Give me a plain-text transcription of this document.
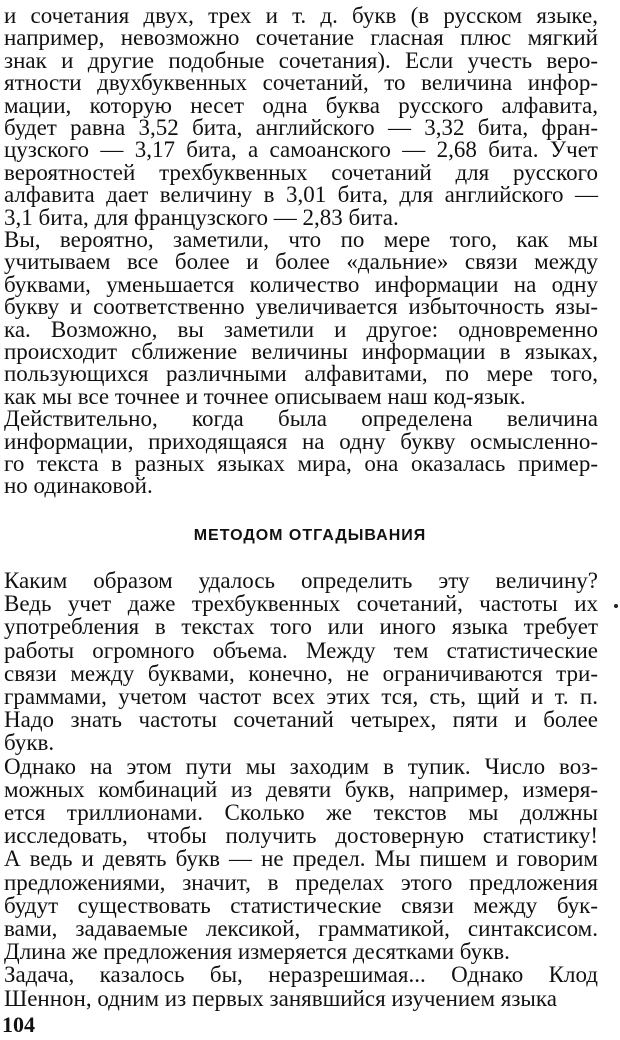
и сочетания двух, трех и т. д. букв (в русском языке,
например, невозможно сочетание гласная плюс мягкий
знак и другие подобные сочетания). Если учесть веро-
ятности двухбуквенных сочетаний, то величина инфор-
мации, которую несет одна буква русского алфавита,
будет равна 3,52 бита, английского — 3,32 бита, фран-
цузского — 3,17 бита, а самоанского — 2,68 бита. Учет
вероятностей трехбуквенных сочетаний для русского
алфавита дает величину в 3,01 бита, для английского —
3,1 бита, для французского — 2,83 бита.
Вы, вероятно, заметили, что по мере того, как мы
учитываем все более и более «дальние» связи между
буквами, уменьшается количество информации на одну
букву и соответственно увеличивается избыточность язы-
ка. Возможно, вы заметили и другое: одновременно
происходит сближение величины информации в языках,
пользующихся различными алфавитами, по мере того,
как мы все точнее и точнее описываем наш код-язык.
Действительно, когда была определена величина
информации, приходящаяся на одну букву осмысленно-
го текста в разных языках мира, она оказалась пример-
но одинаковой.
МЕТОДОМ ОТГАДЫВАНИЯ
Каким образом удалось определить эту величину?
Ведь учет даже трехбуквенных сочетаний, частоты их
употребления в текстах того или иного языка требует
работы огромного объема. Между тем статистические
связи между буквами, конечно, не ограничиваются три-
граммами, учетом частот всех этих тся, сть, щий и т. п.
Надо знать частоты сочетаний четырех, пяти и более
букв.
Однако на этом пути мы заходим в тупик. Число воз-
можных комбинаций из девяти букв, например, измеря-
ется триллионами. Сколько же текстов мы должны
исследовать, чтобы получить достоверную статистику!
А ведь и девять букв — не предел. Мы пишем и говорим
предложениями, значит, в пределах этого предложения
будут существовать статистические связи между бук-
вами, задаваемые лексикой, грамматикой, синтаксисом.
Длина же предложения измеряется десятками букв.
Задача, казалось бы, неразрешимая... Однако Клод
Шеннон, одним из первых занявшийся изучением языка
104
